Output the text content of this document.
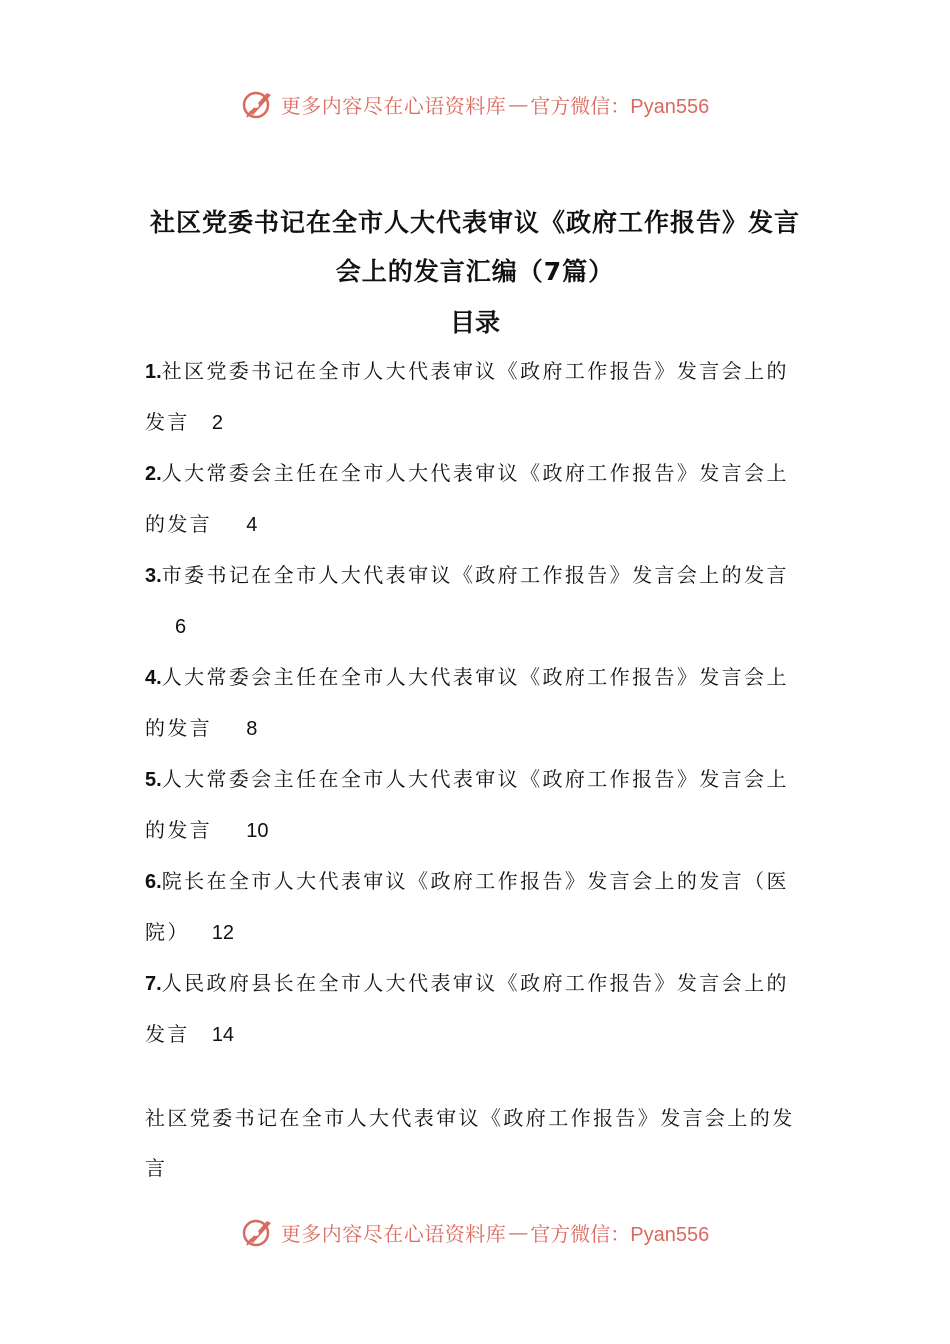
更多内容尽在心语资料库 — 官方微信：Pyan556
社区党委书记在全市人大代表审议《政府工作报告》发言
会上的发言汇编（7篇）
目录
1.社区党委书记在全市人大代表审议《政府工作报告》发言会上的
发言 2
2.人大常委会主任在全市人大代表审议《政府工作报告》发言会上
的发言 4
3.市委书记在全市人大代表审议《政府工作报告》发言会上的发言
6
4.人大常委会主任在全市人大代表审议《政府工作报告》发言会上
的发言 8
5.人大常委会主任在全市人大代表审议《政府工作报告》发言会上
的发言 10
6.院长在全市人大代表审议《政府工作报告》发言会上的发言（医
院） 12
7.人民政府县长在全市人大代表审议《政府工作报告》发言会上的
发言 14
社区党委书记在全市人大代表审议《政府工作报告》发言会上的发
言
更多内容尽在心语资料库 — 官方微信：Pyan556
